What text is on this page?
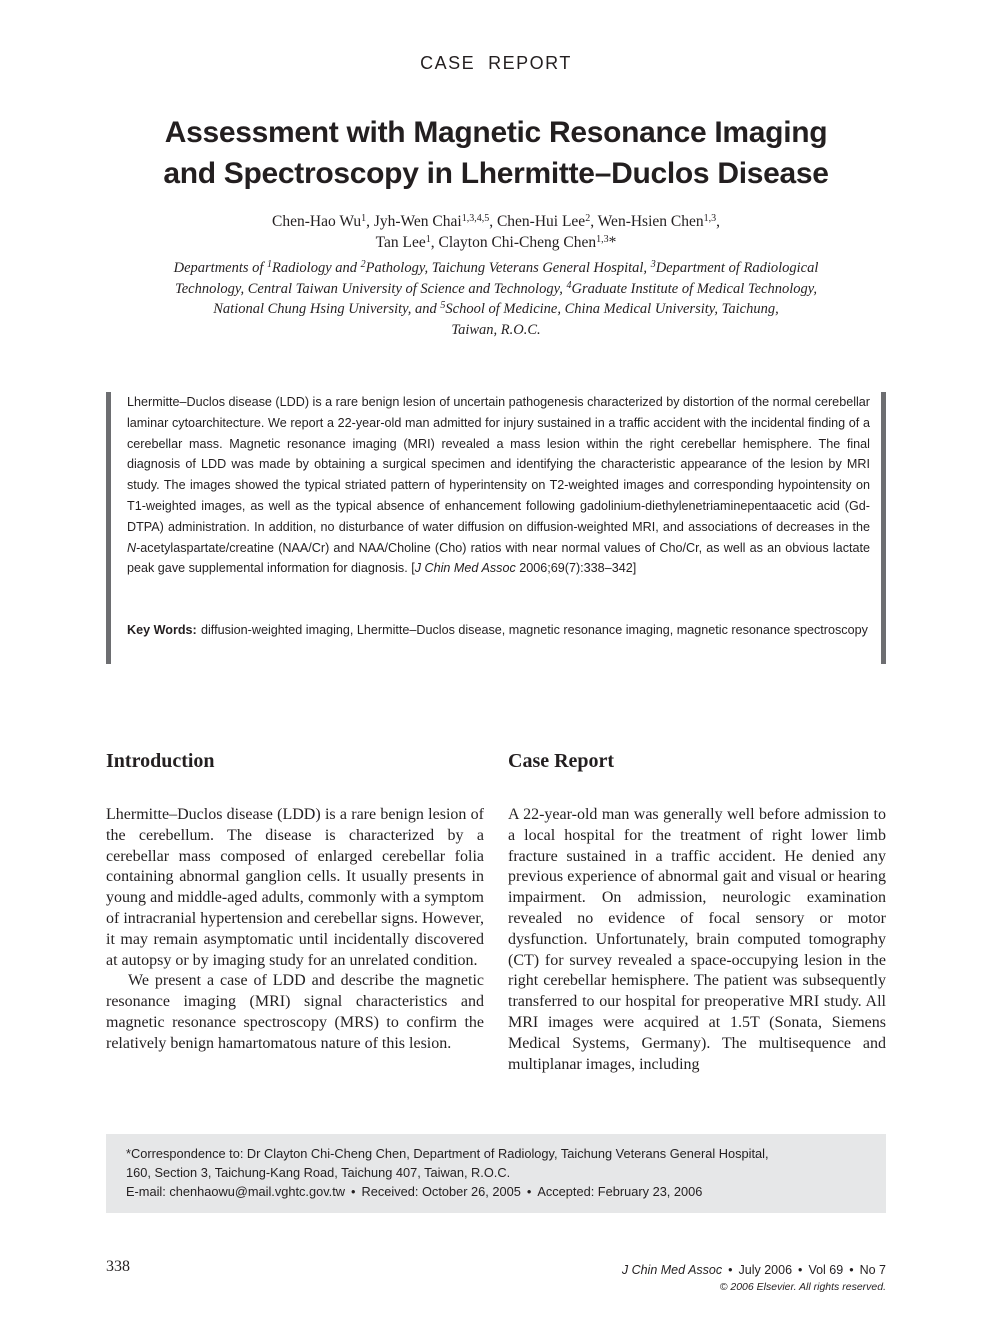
CASE  REPORT
Assessment with Magnetic Resonance Imaging
and Spectroscopy in Lhermitte–Duclos Disease
Chen-Hao Wu$^1$, Jyh-Wen Chai$^{1,3,4,5}$, Chen-Hui Lee$^2$, Wen-Hsien Chen$^{1,3}$,
Tan Lee$^1$, Clayton Chi-Cheng Chen$^{1,3}$*
Departments of $^1$Radiology and $^2$Pathology, Taichung Veterans General Hospital, $^3$Department of Radiological
Technology, Central Taiwan University of Science and Technology, $^4$Graduate Institute of Medical Technology,
National Chung Hsing University, and $^5$School of Medicine, China Medical University, Taichung,
Taiwan, R.O.C.
Lhermitte–Duclos disease (LDD) is a rare benign lesion of uncertain pathogenesis characterized by distortion of the normal cerebellar laminar cytoarchitecture. We report a 22-year-old man admitted for injury sustained in a traffic accident with the incidental finding of a cerebellar mass. Magnetic resonance imaging (MRI) revealed a mass lesion within the right cerebellar hemisphere. The final diagnosis of LDD was made by obtaining a surgical specimen and identifying the characteristic appearance of the lesion by MRI study. The images showed the typical striated pattern of hyperintensity on T2-weighted images and corresponding hypointensity on T1-weighted images, as well as the typical absence of enhancement following gadolinium-diethylenetriaminepentaacetic acid (Gd-DTPA) administration. In addition, no disturbance of water diffusion on diffusion-weighted MRI, and associations of decreases in the N-acetylaspartate/creatine (NAA/Cr) and NAA/Choline (Cho) ratios with near normal values of Cho/Cr, as well as an obvious lactate peak gave supplemental information for diagnosis. [J Chin Med Assoc 2006;69(7):338–342]
Key Words: diffusion-weighted imaging, Lhermitte–Duclos disease, magnetic resonance imaging, magnetic resonance spectroscopy
Introduction

Lhermitte–Duclos disease (LDD) is a rare benign lesion of the cerebellum. The disease is characterized by a cerebellar mass composed of enlarged cerebellar folia containing abnormal ganglion cells. It usually presents in young and middle-aged adults, commonly with a symptom of intracranial hypertension and cerebellar signs. However, it may remain asymptomatic until incidentally discovered at autopsy or by imaging study for an unrelated condition.

We present a case of LDD and describe the magnetic resonance imaging (MRI) signal characteristics and magnetic resonance spectroscopy (MRS) to confirm the relatively benign hamartomatous nature of this lesion.

Case Report

A 22-year-old man was generally well before admission to a local hospital for the treatment of right lower limb fracture sustained in a traffic accident. He denied any previous experience of abnormal gait and visual or hearing impairment. On admission, neurologic examination revealed no evidence of focal sensory or motor dysfunction. Unfortunately, brain computed tomography (CT) for survey revealed a space-occupying lesion in the right cerebellar hemisphere. The patient was subsequently transferred to our hospital for preoperative MRI study. All MRI images were acquired at 1.5T (Sonata, Siemens Medical Systems, Germany). The multisequence and multiplanar images, including

*Correspondence to: Dr Clayton Chi-Cheng Chen, Department of Radiology, Taichung Veterans General Hospital,
160, Section 3, Taichung-Kang Road, Taichung 407, Taiwan, R.O.C.
E-mail: chenhaowu@mail.vghtc.gov.tw • Received: October 26, 2005 • Accepted: February 23, 2006
338	J Chin Med Assoc • July 2006 • Vol 69 • No 7
© 2006 Elsevier. All rights reserved.
